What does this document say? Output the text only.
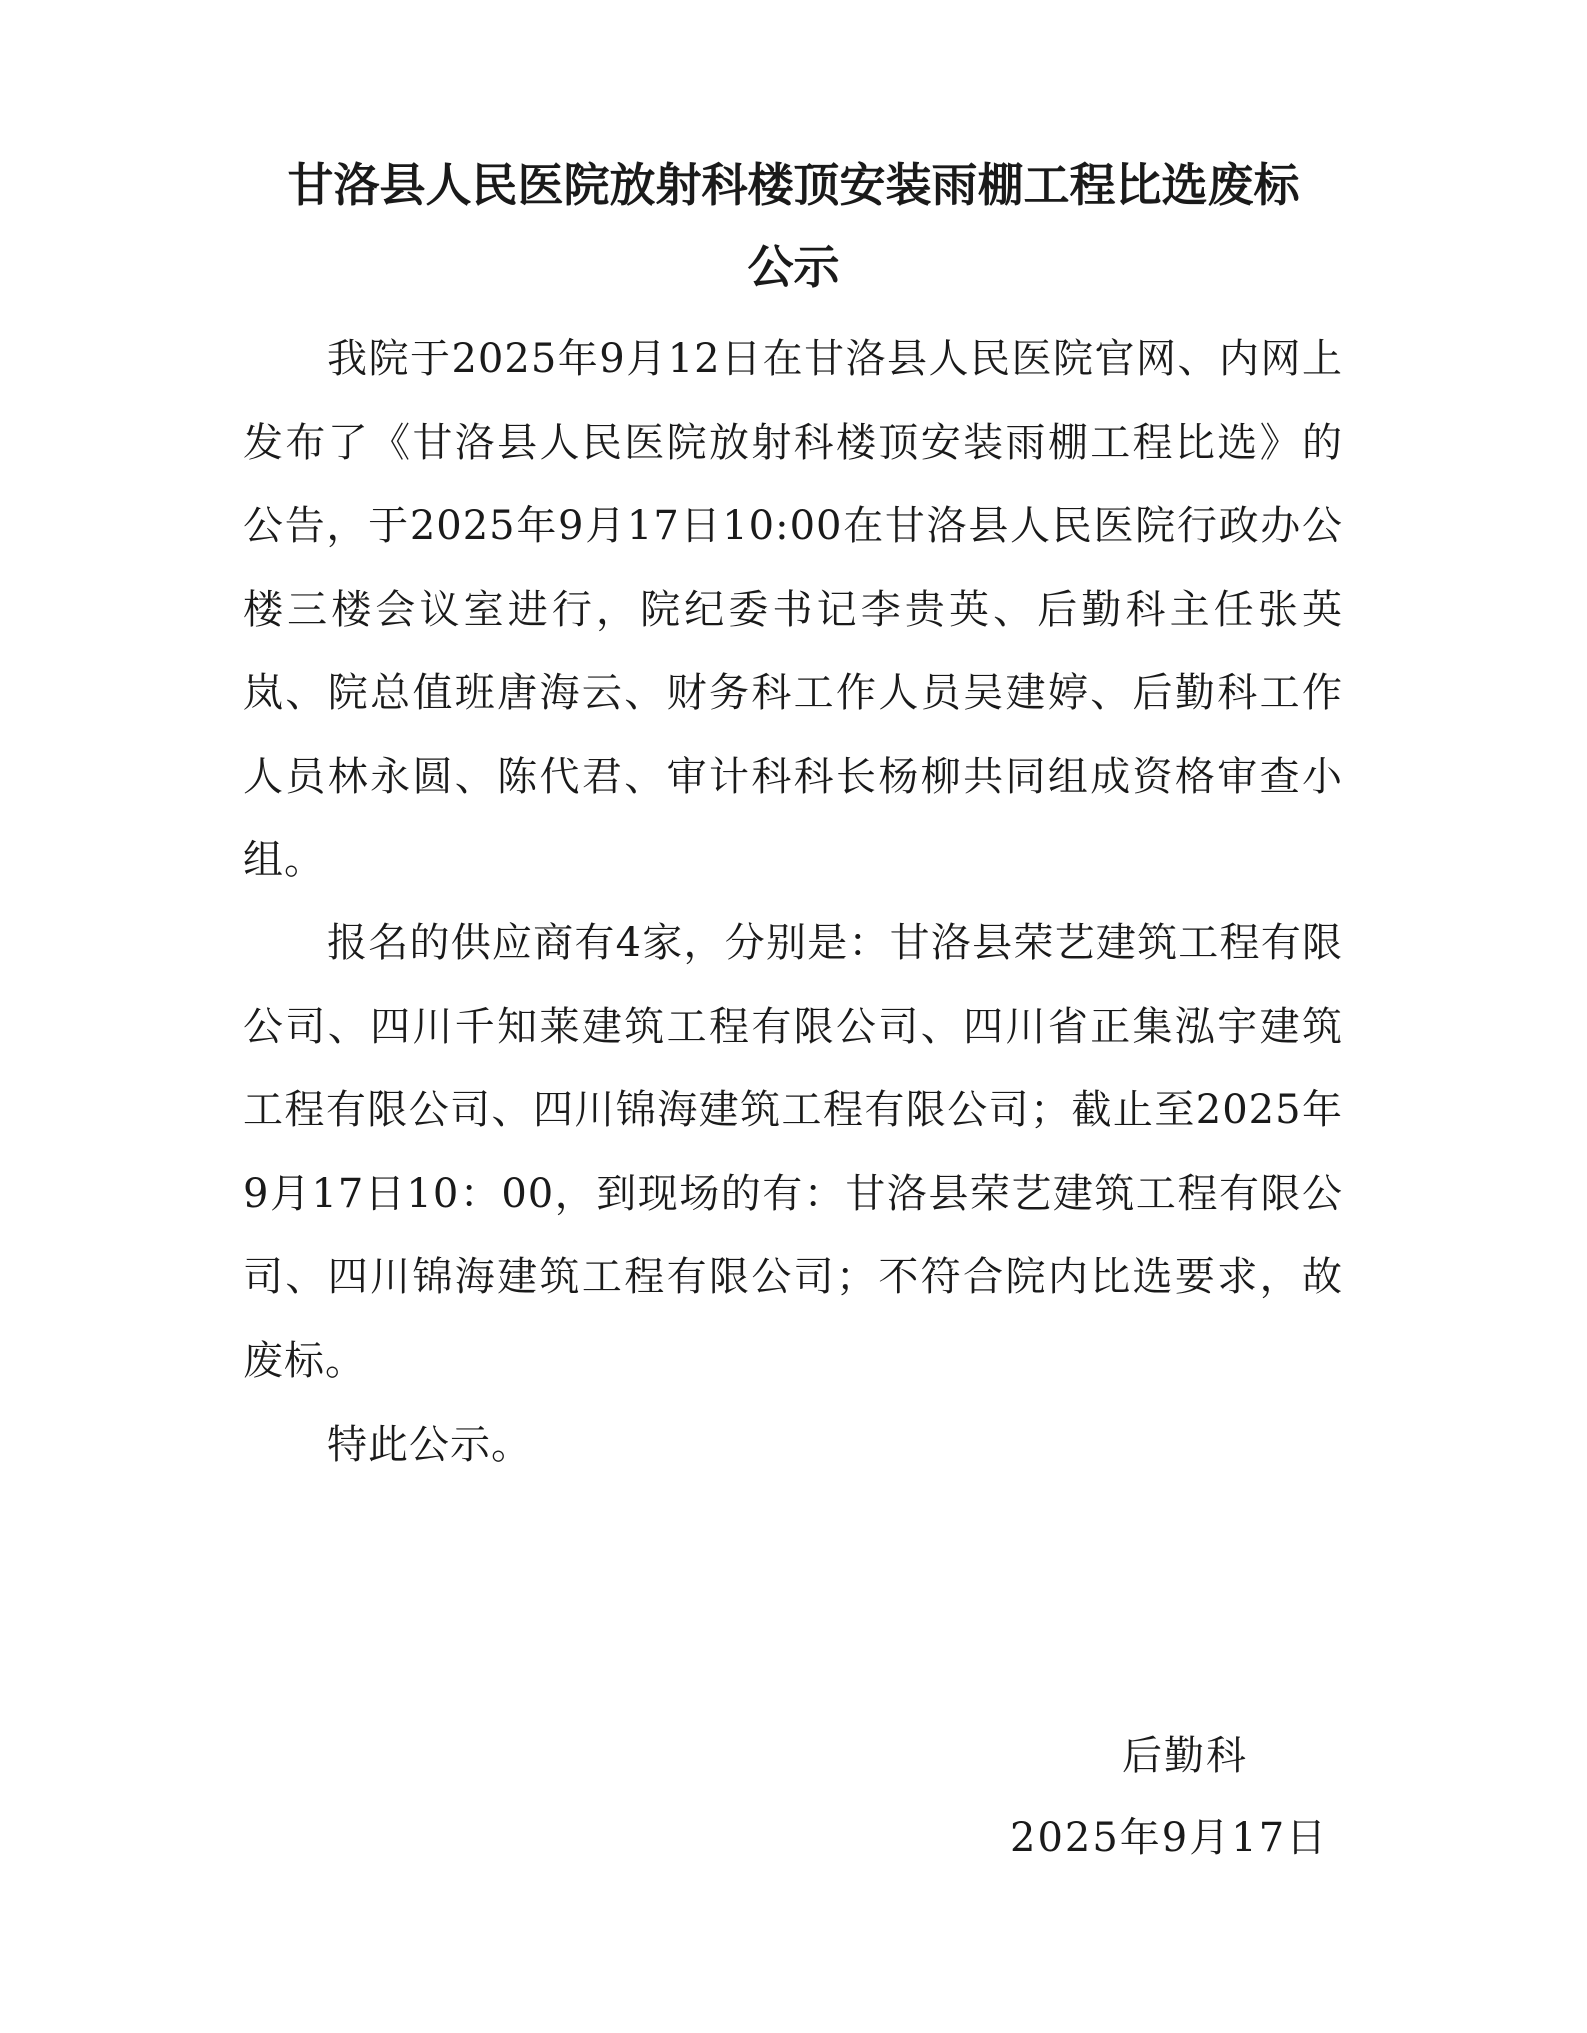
甘洛县人民医院放射科楼顶安装雨棚工程比选废标
公示

我院于2025年9月12日在甘洛县人民医院官网、内网上发布了《甘洛县人民医院放射科楼顶安装雨棚工程比选》的公告，于2025年9月17日10:00在甘洛县人民医院行政办公楼三楼会议室进行，院纪委书记李贵英、后勤科主任张英岚、院总值班唐海云、财务科工作人员吴建婷、后勤科工作人员林永圆、陈代君、审计科科长杨柳共同组成资格审查小组。

报名的供应商有4家，分别是：甘洛县荣艺建筑工程有限公司、四川千知莱建筑工程有限公司、四川省正集泓宇建筑工程有限公司、四川锦海建筑工程有限公司；截止至2025年9月17日10：00，到现场的有：甘洛县荣艺建筑工程有限公司、四川锦海建筑工程有限公司；不符合院内比选要求，故废标。

特此公示。

后勤科

2025年9月17日
